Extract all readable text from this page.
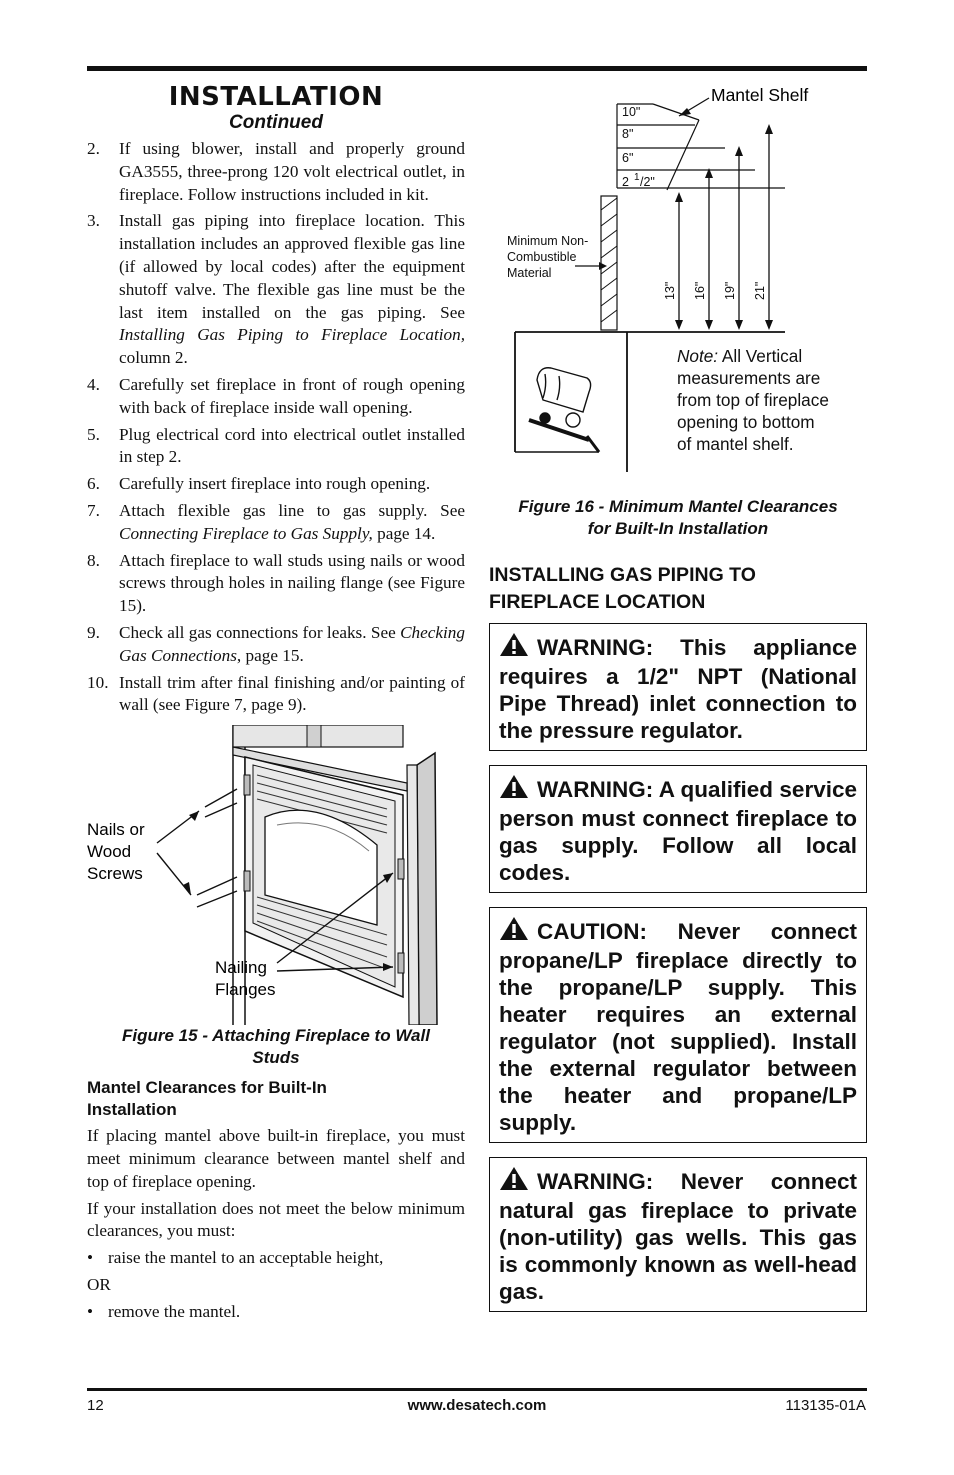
INSTALLATION
Continued
2.	If using blower, install and properly ground GA3555, three-prong 120 volt electrical outlet, in fireplace. Follow instructions included in kit.
3.	Install gas piping into fireplace location. This installation includes an approved flexible gas line (if allowed by local codes) after the equipment shutoff valve. The flexible gas line must be the last item installed on the gas piping. See Installing Gas Piping to Fireplace Location, column 2.
4.	Carefully set fireplace in front of rough opening with back of fireplace inside wall opening.
5.	Plug electrical cord into electrical outlet installed in step 2.
6.	Carefully insert fireplace into rough opening.
7.	Attach flexible gas line to gas supply. See Connecting Fireplace to Gas Supply, page 14.
8.	Attach fireplace to wall studs using nails or wood screws through holes in nailing flange (see Figure 15).
9.	Check all gas connections for leaks. See Checking Gas Connections, page 15.
10. Install trim after final finishing and/or painting of wall (see Figure 7, page 9).
Nails or
Wood
Screws
Nailing
Flanges
Figure 15 - Attaching Fireplace to Wall Studs
Mantel Clearances for Built-In Installation

If placing mantel above built-in fireplace, you must meet minimum clearance between mantel shelf and top of fireplace opening.

If your installation does not meet the below minimum clearances, you must:

• raise the mantel to an acceptable height,

OR

• remove the mantel.
10"
8"
6"
2 1 /2"
Mantel Shelf
Minimum Non-
Combustible
Material
13" 16" 19" 21"
Note: All Vertical
measurements are
from top of fireplace
opening to bottom
of mantel shelf.
Figure 16 - Minimum Mantel Clearances
for Built-In Installation
INSTALLING GAS PIPING TO
FIREPLACE LOCATION
WARNING: This appliance requires a 1/2" NPT (National Pipe Thread) inlet connection to the pressure regulator.
WARNING: A qualified service person must connect fireplace to gas supply. Follow all local codes.
CAUTION: Never connect propane/LP fireplace directly to the propane/LP supply. This heater requires an external regulator (not supplied). Install the external regulator between the heater and propane/LP supply.
WARNING: Never connect natural gas fireplace to private (non-utility) gas wells. This gas is commonly known as well-head gas.
12	www.desatech.com	113135-01A
